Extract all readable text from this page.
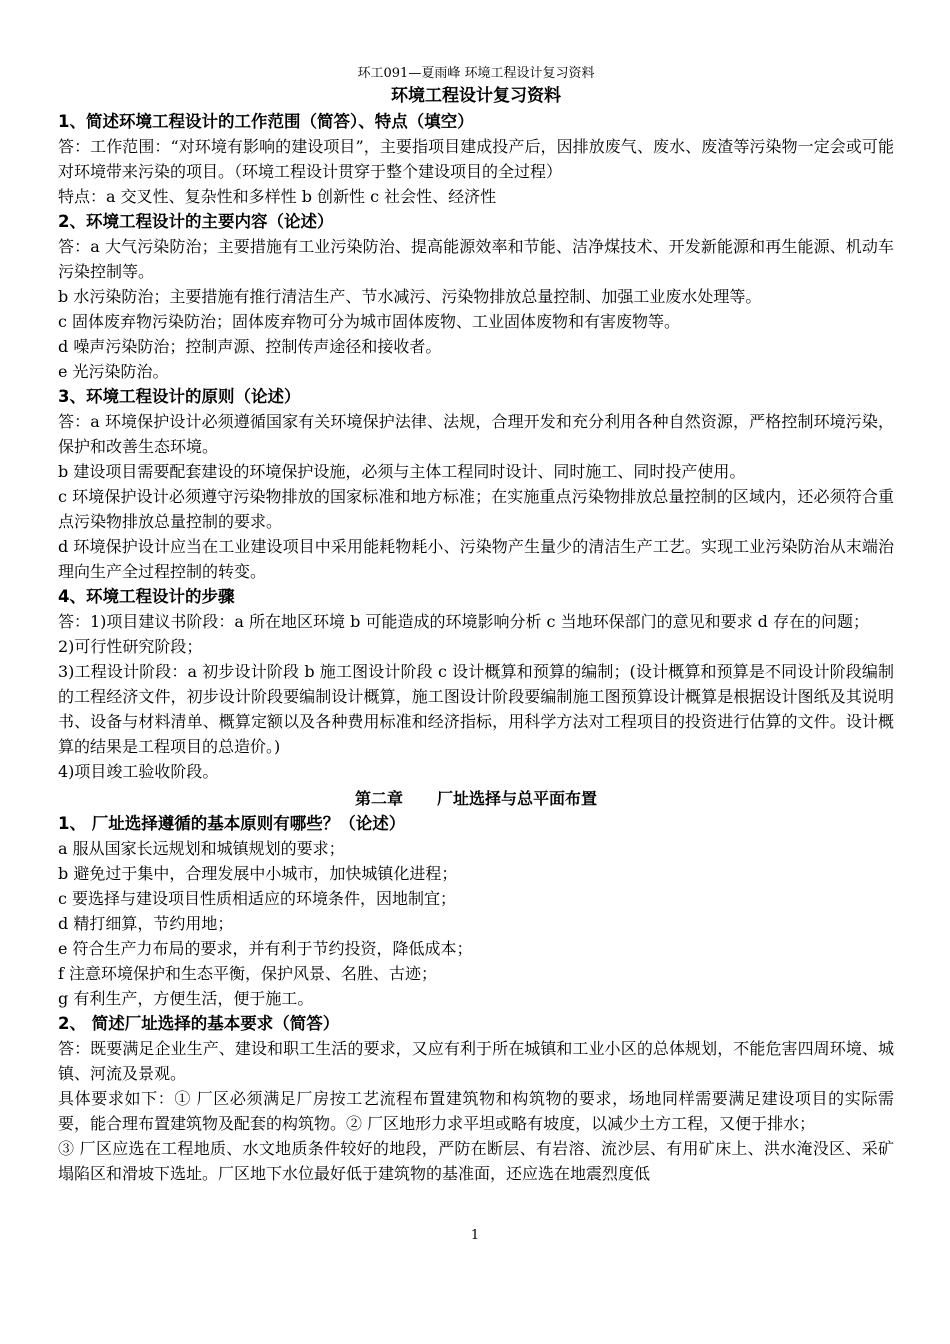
环工091—夏雨峰 环境工程设计复习资料
环境工程设计复习资料
1、简述环境工程设计的工作范围（简答）、特点（填空）
答：工作范围：“对环境有影响的建设项目”，主要指项目建成投产后，因排放废气、废水、废渣等污染物一定会或可能对环境带来污染的项目。（环境工程设计贯穿于整个建设项目的全过程）
特点：a 交叉性、复杂性和多样性 b 创新性 c 社会性、经济性
2、环境工程设计的主要内容（论述）
答：a 大气污染防治；主要措施有工业污染防治、提高能源效率和节能、洁净煤技术、开发新能源和再生能源、机动车污染控制等。
b 水污染防治；主要措施有推行清洁生产、节水减污、污染物排放总量控制、加强工业废水处理等。
c 固体废弃物污染防治；固体废弃物可分为城市固体废物、工业固体废物和有害废物等。
d 噪声污染防治；控制声源、控制传声途径和接收者。
e 光污染防治。
3、环境工程设计的原则（论述）
答：a 环境保护设计必须遵循国家有关环境保护法律、法规，合理开发和充分利用各种自然资源，严格控制环境污染，保护和改善生态环境。
b 建设项目需要配套建设的环境保护设施，必须与主体工程同时设计、同时施工、同时投产使用。
c 环境保护设计必须遵守污染物排放的国家标准和地方标准；在实施重点污染物排放总量控制的区域内，还必须符合重点污染物排放总量控制的要求。
d 环境保护设计应当在工业建设项目中采用能耗物耗小、污染物产生量少的清洁生产工艺。实现工业污染防治从末端治理向生产全过程控制的转变。
4、环境工程设计的步骤
答：1)项目建议书阶段：a 所在地区环境 b 可能造成的环境影响分析 c 当地环保部门的意见和要求 d 存在的问题；
2)可行性研究阶段；
3)工程设计阶段：a 初步设计阶段 b 施工图设计阶段 c 设计概算和预算的编制；(设计概算和预算是不同设计阶段编制的工程经济文件，初步设计阶段要编制设计概算，施工图设计阶段要编制施工图预算设计概算是根据设计图纸及其说明书、设备与材料清单、概算定额以及各种费用标准和经济指标，用科学方法对工程项目的投资进行估算的文件。设计概算的结果是工程项目的总造价。)
4)项目竣工验收阶段。
第二章 厂址选择与总平面布置
1、 厂址选择遵循的基本原则有哪些？（论述）
a 服从国家长远规划和城镇规划的要求；
b 避免过于集中，合理发展中小城市，加快城镇化进程；
c 要选择与建设项目性质相适应的环境条件，因地制宜；
d 精打细算，节约用地；
e 符合生产力布局的要求，并有利于节约投资，降低成本；
f 注意环境保护和生态平衡，保护风景、名胜、古迹；
g 有利生产，方便生活，便于施工。
2、 简述厂址选择的基本要求（简答）
答：既要满足企业生产、建设和职工生活的要求，又应有利于所在城镇和工业小区的总体规划，不能危害四周环境、城镇、河流及景观。
具体要求如下：① 厂区必须满足厂房按工艺流程布置建筑物和构筑物的要求，场地同样需要满足建设项目的实际需要，能合理布置建筑物及配套的构筑物。② 厂区地形力求平坦或略有坡度，以减少土方工程，又便于排水；
③ 厂区应选在工程地质、水文地质条件较好的地段，严防在断层、有岩溶、流沙层、有用矿床上、洪水淹没区、采矿塌陷区和滑坡下选址。厂区地下水位最好低于建筑物的基准面，还应选在地震烈度低
1
